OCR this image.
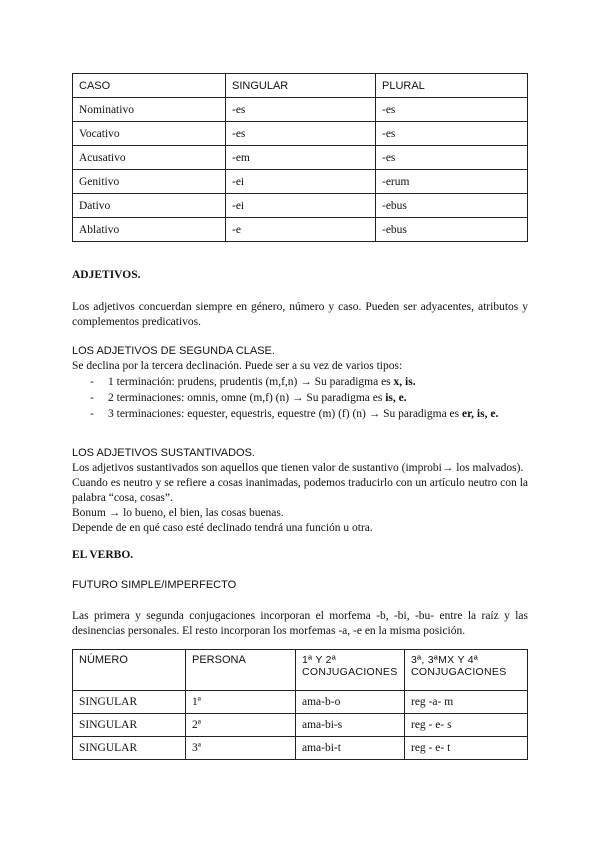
CASO	SINGULAR	PLURAL
Nominativo	-es	-es
Vocativo	-es	-es
Acusativo	-em	-es
Genitivo	-ei	-erum
Dativo	-ei	-ebus
Ablativo	-e	-ebus
ADJETIVOS.
Los adjetivos concuerdan siempre en género, número y caso. Pueden ser adyacentes, atributos y complementos predicativos.
LOS ADJETIVOS DE SEGUNDA CLASE.
Se declina por la tercera declinación. Puede ser a su vez de varios tipos:
- 1 terminación: prudens, prudentis (m,f,n) → Su paradigma es x, is.
- 2 terminaciones: omnis, omne (m,f) (n) → Su paradigma es is, e.
- 3 terminaciones: equester, equestris, equestre (m) (f) (n) → Su paradigma es er, is, e.
LOS ADJETIVOS SUSTANTIVADOS.
Los adjetivos sustantivados son aquellos que tienen valor de sustantivo (improbi→ los malvados).
Cuando es neutro y se refiere a cosas inanimadas, podemos traducirlo con un artículo neutro con la palabra “cosa, cosas”.
Bonum → lo bueno, el bien, las cosas buenas.
Depende de en qué caso esté declinado tendrá una función u otra.
EL VERBO.
FUTURO SIMPLE/IMPERFECTO
Las primera y segunda conjugaciones incorporan el morfema -b, -bi, -bu- entre la raíz y las desinencias personales. El resto incorporan los morfemas -a, -e en la misma posición.
NÚMERO	PERSONA	1ª Y 2ª CONJUGACIONES	3ª, 3ªMX Y 4ª CONJUGACIONES
SINGULAR	1ª	ama-b-o	reg -a- m
SINGULAR	2ª	ama-bi-s	reg - e- s
SINGULAR	3ª	ama-bi-t	reg - e- t
